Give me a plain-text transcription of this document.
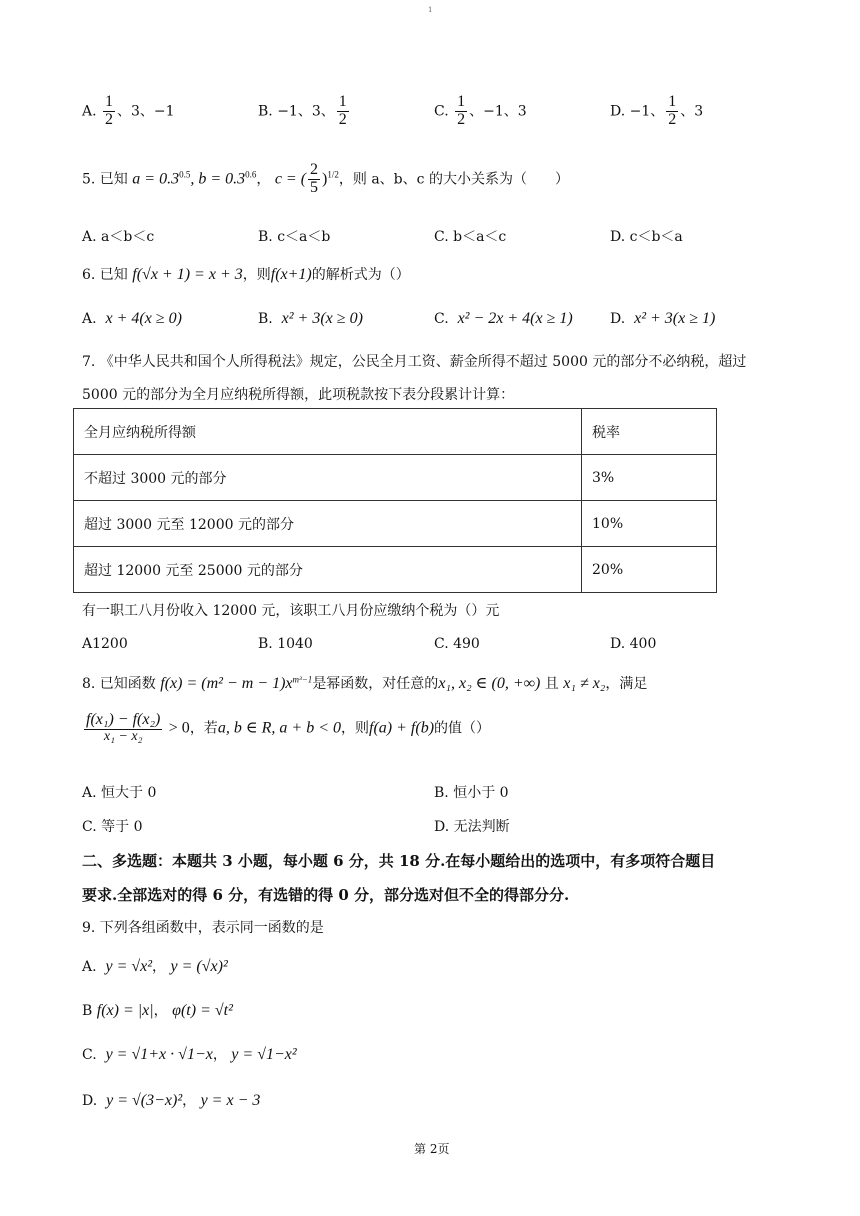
1
A. $\frac{1}{2}$ 、3、−1	B. −1、3、 $\frac{1}{2}$	C. $\frac{1}{2}$ 、−1、3	D. −1、 $\frac{1}{2}$ 、3
5. 已知 $a = 0.3^{0.5}$, $b = 0.3^{0.6}$， c = ( $\frac{2}{5} )^{1/2}$，则 a、b、c 的大小关系为（　　）
A. a＜b＜c	B. c＜a＜b	C. b＜a＜c	D. c＜b＜a
6. 已知 f(√x + 1) = x + 3，则f(x+1)的解析式为（）
A. x + 4(x ≥ 0)	B. x² + 3(x ≥ 0)	C. x² − 2x + 4(x ≥ 1)	D. x² + 3(x ≥ 1)
7. 《中华人民共和国个人所得税法》规定，公民全月工资、薪金所得不超过 5000 元的部分不必纳税，超过
5000 元的部分为全月应纳税所得额，此项税款按下表分段累计计算：
全月应纳税所得额	税率
不超过 3000 元的部分	3%
超过 3000 元至 12000 元的部分	10%
超过 12000 元至 25000 元的部分	20%
有一职工八月份收入 12000 元，该职工八月份应缴纳个税为（）元
A1200	B. 1040	C. 490	D. 400
8. 已知函数 $f(x) = (m^2 - m - 1)x^{m^3-1}$是幂函数，对任意的x₁, x₂ ∈ (0, +∞) 且 x₁ ≠ x₂，满足
$\frac{\text{f(x₁) − f(x₂)}}{\text{x₁ − x₂}} > 0$，若a, b ∈ R, a + b < 0，则f(a) + f(b)的值（）
A. 恒大于 0	B. 恒小于 0
C. 等于 0	D. 无法判断
二、多选题：本题共 3 小题，每小题 6 分，共 18 分.在每小题给出的选项中，有多项符合题目
要求.全部选对的得 6 分，有选错的得 0 分，部分选对但不全的得部分分.
9. 下列各组函数中，表示同一函数的是
A. y = √x²， y = (√x)²
B f(x) = |x|， φ(t) = √t²
C. y = √1+x · √1−x， y = √1−x²
D. y = √(3−x)²， y = x − 3
第 2页
